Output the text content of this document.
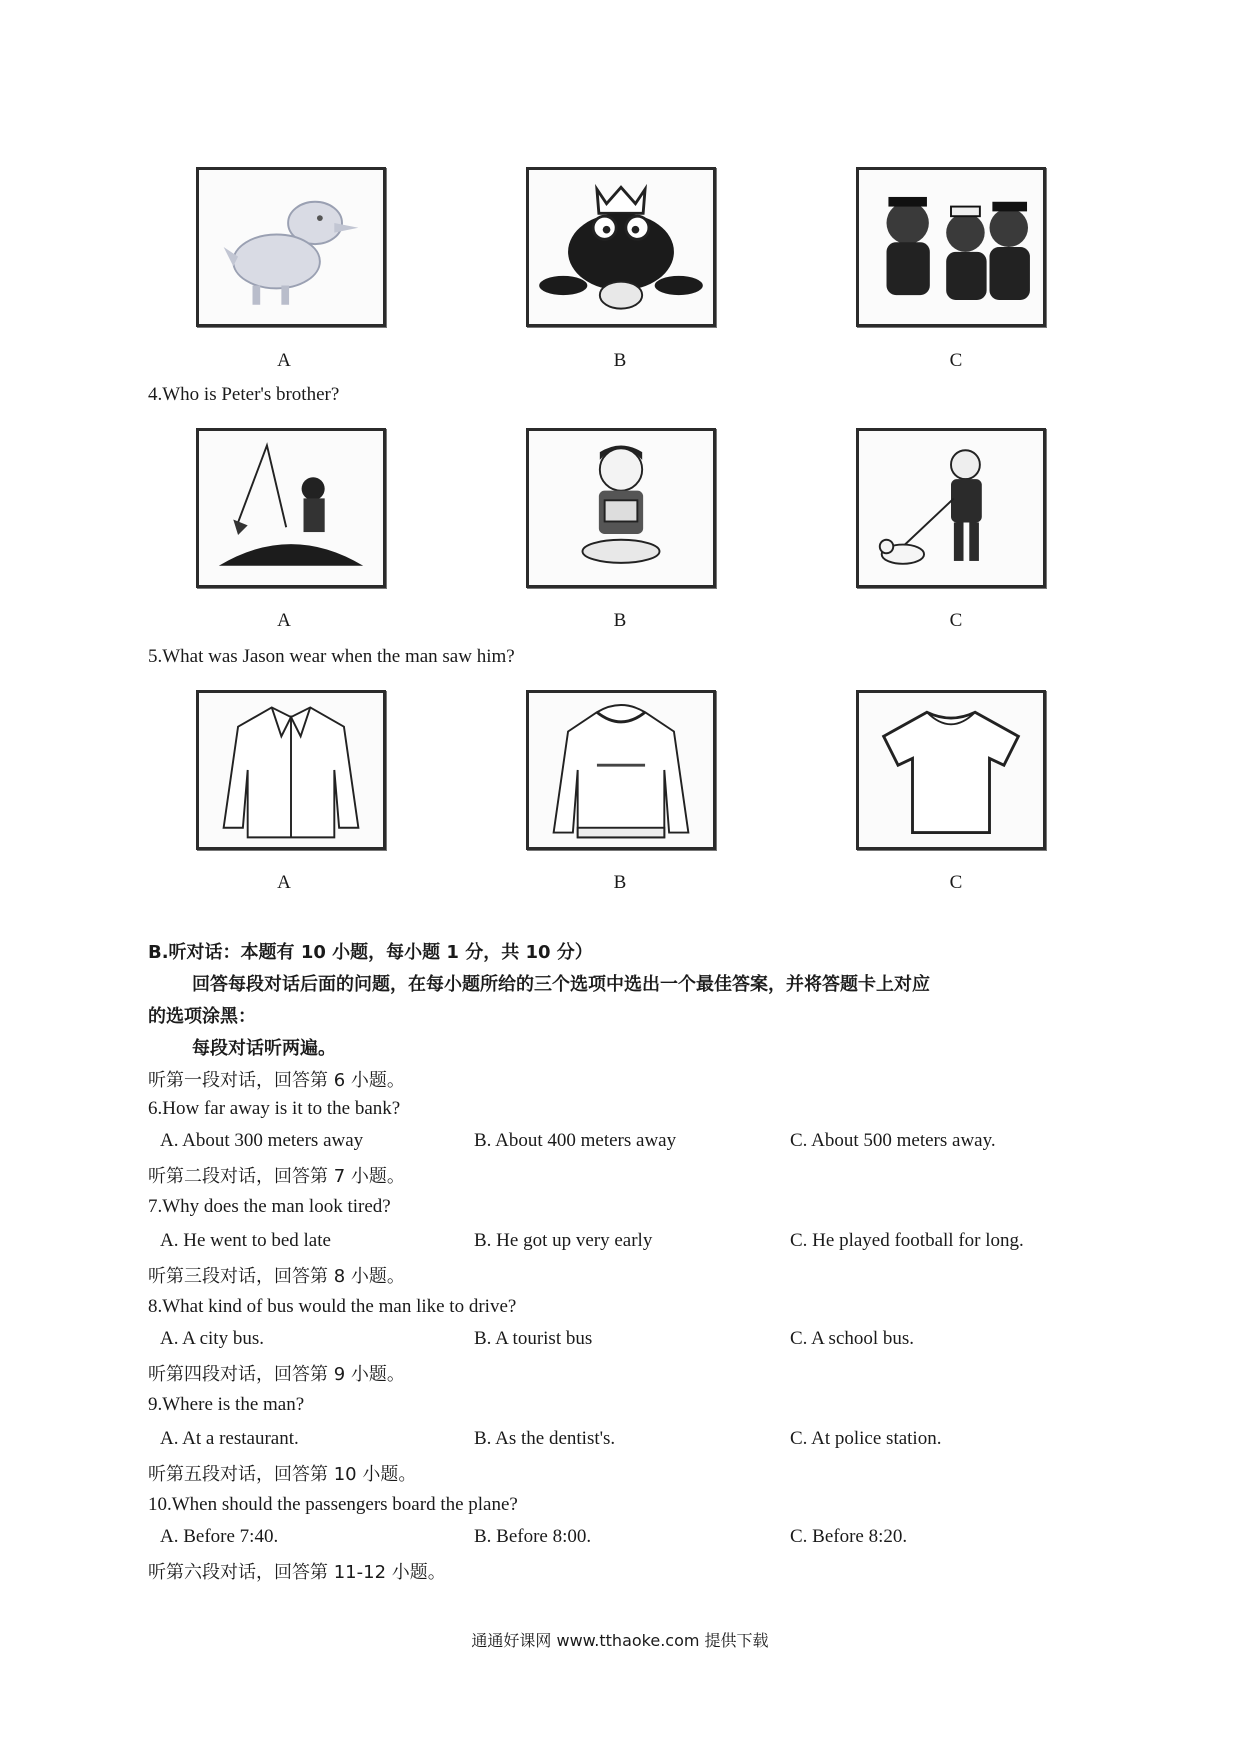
A	B	C
4.Who is Peter's brother?
A	B	C
5.What was Jason wear when the man saw him?
A	B	C
B.听对话：本题有 10 小题，每小题 1 分，共 10 分）
回答每段对话后面的问题，在每小题所给的三个选项中选出一个最佳答案，并将答题卡上对应
的选项涂黑：
每段对话听两遍。
听第一段对话，回答第 6 小题。
6.How far away is it to the bank?
A. About 300 meters away	B. About 400 meters away	C. About 500 meters away.
听第二段对话，回答第 7 小题。
7.Why does the man look tired?
A. He went to bed late	B. He got up very early	C. He played football for long.
听第三段对话，回答第 8 小题。
8.What kind of bus would the man like to drive?
A. A city bus.	B. A tourist bus	C. A school bus.
听第四段对话，回答第 9 小题。
9.Where is the man?
A. At a restaurant.	B. As the dentist's.	C. At police station.
听第五段对话，回答第 10 小题。
10.When should the passengers board the plane?
A. Before 7:40.	B. Before 8:00.	C. Before 8:20.
听第六段对话，回答第 11-12 小题。
通通好课网 www.tthaoke.com 提供下载
